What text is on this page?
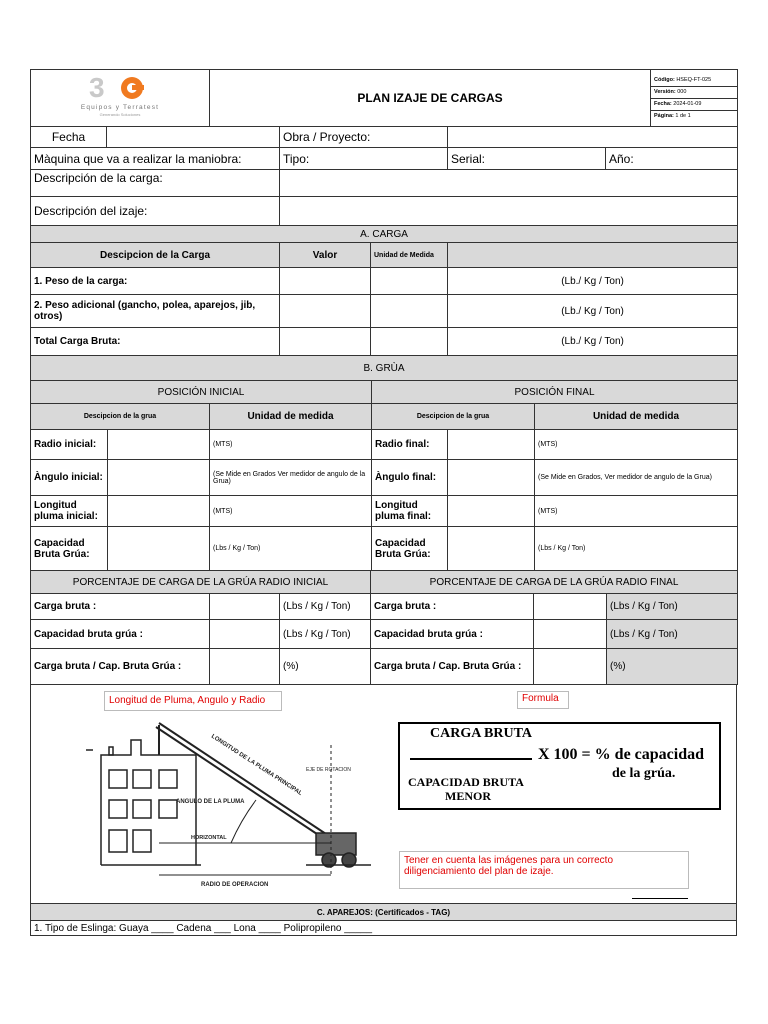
3
Equipos y Terratest
Generando Soluciones
	PLAN IZAJE DE CARGAS	
Código: HSEQ-FT-025
Versión: 000
Fecha: 2024-01-09
Página: 1 de 1
Fecha		Obra / Proyecto:		
Màquina que va a realizar la maniobra:		Tipo:	Serial:	Año:
Descripción de la carga:				
Descripción del izaje:				
A. CARGA			
Descipcion de la Carga	Valor	Unidad de Medida	
1. Peso de la carga:			(Lb./ Kg / Ton)
2. Peso adicional (gancho, polea, aparejos, jib, otros)			(Lb./ Kg / Ton)
Total Carga Bruta:			(Lb./ Kg / Ton)
B. GRÙA					
POSICIÓN INICIAL			POSICIÓN FINAL		
Descipcion de la grua		Unidad de medida	Descipcion de la grua		Unidad de medida
Radio inicial:		(MTS)	Radio final:		(MTS)
Àngulo inicial:		(Se Mide en Grados Ver medidor de angulo de la Grua)	Àngulo final:		(Se Mide en Grados, Ver medidor de angulo de la Grua)
Longitud pluma inicial:		(MTS)	Longitud pluma final:		(MTS)
Capacidad Bruta Grúa:		(Lbs / Kg / Ton)	Capacidad Bruta Grúa:		(Lbs / Kg / Ton)
PORCENTAJE DE CARGA DE LA GRÚA RADIO INICIAL			PORCENTAJE DE CARGA DE LA GRÚA RADIO FINAL		
Carga bruta :		(Lbs / Kg / Ton)	Carga bruta :		(Lbs / Kg / Ton)
Capacidad bruta grúa :		(Lbs / Kg / Ton)	Capacidad bruta grúa :		(Lbs / Kg / Ton)
Carga bruta / Cap. Bruta Grúa :		(%)	Carga bruta / Cap. Bruta Grúa :		(%)
Longitud de Pluma, Angulo y Radio	Formula
LONGITUD DE LA PLUMA PRINCIPAL EJE DE ROTACION
ANGULO DE LA PLUMA
HORIZONTAL
RADIO DE OPERACION
CARGA BRUTA
X 100 = % de capacidad
de la grúa.
CAPACIDAD BRUTA
MENOR
Tener en cuenta las imágenes para un correcto diligenciamiento del plan de izaje.
C. APAREJOS: (Certificados - TAG)
1. Tipo de Eslinga: Guaya ____ Cadena ___ Lona ____ Polipropileno _____
